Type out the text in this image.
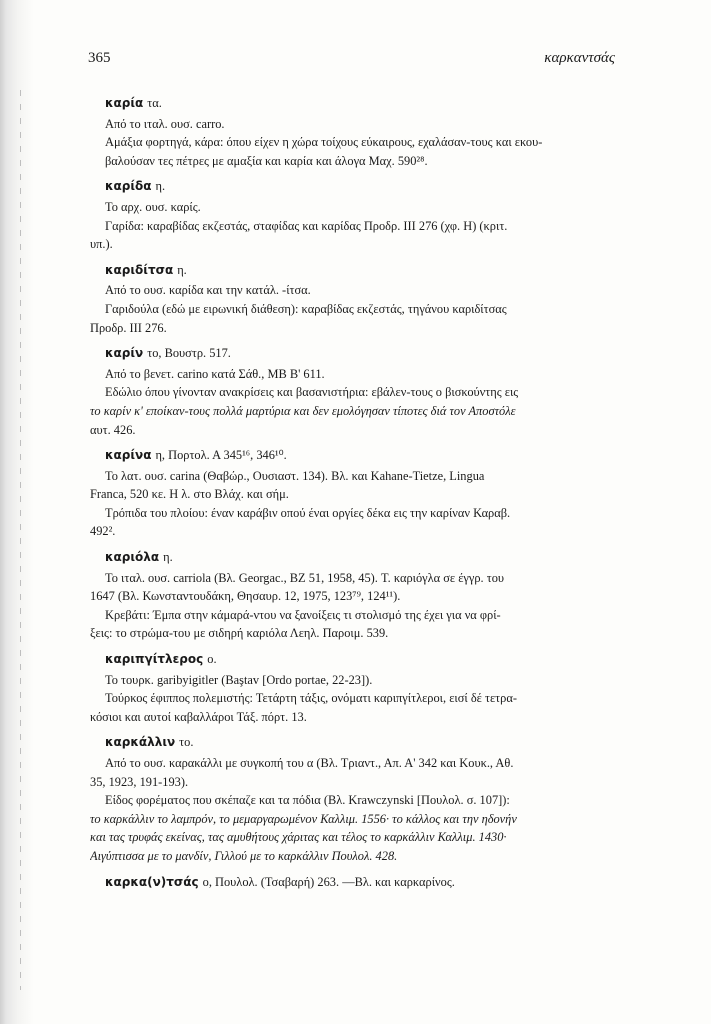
365	καρκαντσάς
καρία τα.
Από το ιταλ. ουσ. carro.
Αμάξια φορτηγά, κάρα: όπου είχεν η χώρα τοίχους εύκαιρους, εχαλάσαν-τους και εκου-
βαλούσαν τες πέτρες με αμαξία και καρία και άλογα Μαχ. 590²⁸.
καρίδα η.
Το αρχ. ουσ. καρίς.
Γαρίδα: καραβίδας εκζεστάς, σταφίδας και καρίδας Προδρ. III 276 (χφ. Η) (κριτ.
υπ.).
καριδίτσα η.
Από το ουσ. καρίδα και την κατάλ. -ίτσα.
Γαριδούλα (εδώ με ειρωνική διάθεση): καραβίδας εκζεστάς, τηγάνου καριδίτσας
Προδρ. III 276.
καρίν το, Βουστρ. 517.
Από το βενετ. carino κατά Σάθ., ΜΒ Β' 611.
Εδώλιο όπου γίνονταν ανακρίσεις και βασανιστήρια: εβάλεν-τους ο βισκούντης εις
το καρίν κ' εποίκαν-τους πολλά μαρτύρια και δεν εμολόγησαν τίποτες διά τον Αποστόλε
αυτ. 426.
καρίνα η, Πορτολ. Α 345¹⁶, 346¹⁰.
Το λατ. ουσ. carina (Θαβώρ., Ουσιαστ. 134). Βλ. και Kahane-Tietze, Lingua
Franca, 520 κε. Η λ. στο Βλάχ. και σήμ.
Τρόπιδα του πλοίου: έναν καράβιν οπού έναι οργίες δέκα εις την καρίναν Καραβ.
492².
καριόλα η.
Το ιταλ. ουσ. carriola (Βλ. Georgac., BZ 51, 1958, 45). Τ. καριόγλα σε έγγρ. του
1647 (Βλ. Κωνσταντουδάκη, Θησαυρ. 12, 1975, 123⁷⁹, 124¹¹).
Κρεβάτι: Έμπα στην κάμαρά-ντου να ξανοίξεις τι στολισμό της έχει για να φρί-
ξεις: το στρώμα-του με σιδηρή καριόλα Λεηλ. Παροιμ. 539.
καριπγίτλερος ο.
Το τουρκ. garibyigitler (Baştav [Ordo portae, 22-23]).
Τούρκος έφιππος πολεμιστής: Τετάρτη τάξις, ονόματι καριπγίτλεροι, εισί δέ τετρα-
κόσιοι και αυτοί καβαλλάροι Τάξ. πόρτ. 13.
καρκάλλιν το.
Από το ουσ. καρακάλλι με συγκοπή του α (Βλ. Τριαντ., Απ. Α' 342 και Κουκ., Αθ.
35, 1923, 191-193).
Είδος φορέματος που σκέπαζε και τα πόδια (Βλ. Krawczynski [Πουλολ. σ. 107]):
το καρκάλλιν το λαμπρόν, το μεμαργαρωμένον Καλλιμ. 1556· το κάλλος και την ηδονήν
και τας τρυφάς εκείνας, τας αμυθήτους χάριτας και τέλος το καρκάλλιν Καλλιμ. 1430·
Αιγύπτισσα με το μανδίν, Γιλλού με το καρκάλλιν Πουλολ. 428.
καρκα(ν)τσάς ο, Πουλολ. (Τσαβαρή) 263. —Βλ. και καρκαρίνος.
